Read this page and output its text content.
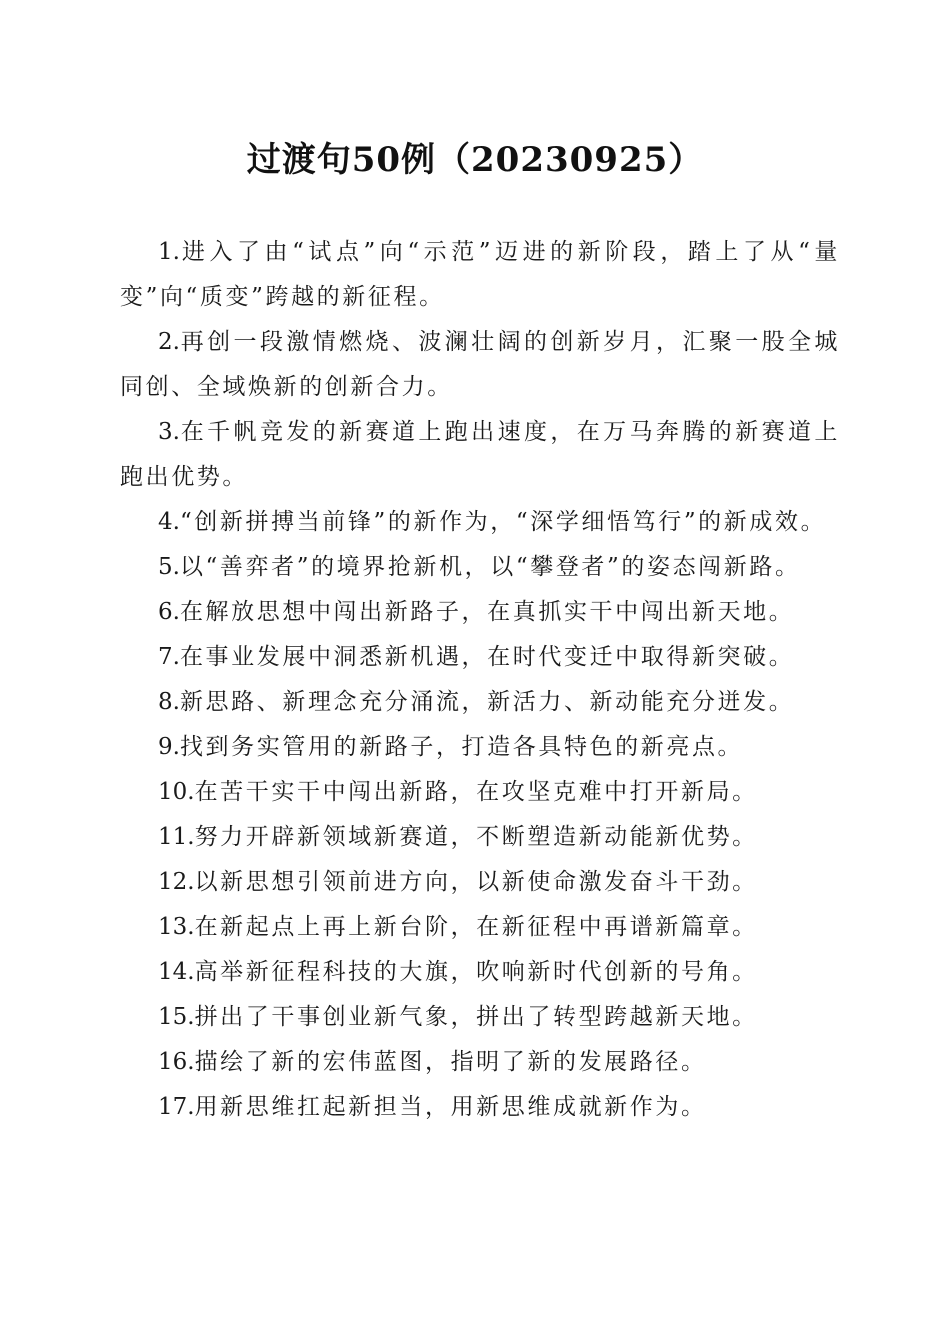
过渡句50例（20230925）

1.进入了由“试点”向“示范”迈进的新阶段，踏上了从“量变”向“质变”跨越的新征程。

2.再创一段激情燃烧、波澜壮阔的创新岁月，汇聚一股全城同创、全域焕新的创新合力。

3.在千帆竞发的新赛道上跑出速度，在万马奔腾的新赛道上跑出优势。

4.“创新拼搏当前锋”的新作为，“深学细悟笃行”的新成效。

5.以“善弈者”的境界抢新机，以“攀登者”的姿态闯新路。

6.在解放思想中闯出新路子，在真抓实干中闯出新天地。

7.在事业发展中洞悉新机遇，在时代变迁中取得新突破。

8.新思路、新理念充分涌流，新活力、新动能充分迸发。

9.找到务实管用的新路子，打造各具特色的新亮点。

10.在苦干实干中闯出新路，在攻坚克难中打开新局。

11.努力开辟新领域新赛道，不断塑造新动能新优势。

12.以新思想引领前进方向，以新使命激发奋斗干劲。

13.在新起点上再上新台阶，在新征程中再谱新篇章。

14.高举新征程科技的大旗，吹响新时代创新的号角。

15.拼出了干事创业新气象，拼出了转型跨越新天地。

16.描绘了新的宏伟蓝图，指明了新的发展路径。

17.用新思维扛起新担当，用新思维成就新作为。
